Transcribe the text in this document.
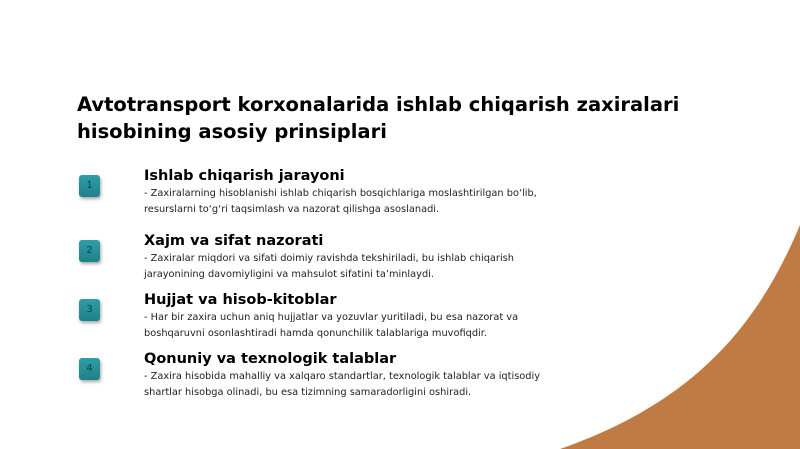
Avtotransport korxonalarida ishlab chiqarish zaxiralari hisobining asosiy prinsiplari
1
Ishlab chiqarish jarayoni

- Zaxiralarning hisoblanishi ishlab chiqarish bosqichlariga moslashtirilgan bo‘lib, resurslarni to‘g‘ri taqsimlash va nazorat qilishga asoslanadi.

2
Xajm va sifat nazorati

- Zaxiralar miqdori va sifati doimiy ravishda tekshiriladi, bu ishlab chiqarish jarayonining davomiyligini va mahsulot sifatini ta’minlaydi.

3
Hujjat va hisob-kitoblar

- Har bir zaxira uchun aniq hujjatlar va yozuvlar yuritiladi, bu esa nazorat va boshqaruvni osonlashtiradi hamda qonunchilik talablariga muvofiqdir.

4
Qonuniy va texnologik talablar

- Zaxira hisobida mahalliy va xalqaro standartlar, texnologik talablar va iqtisodiy shartlar hisobga olinadi, bu esa tizimning samaradorligini oshiradi.
